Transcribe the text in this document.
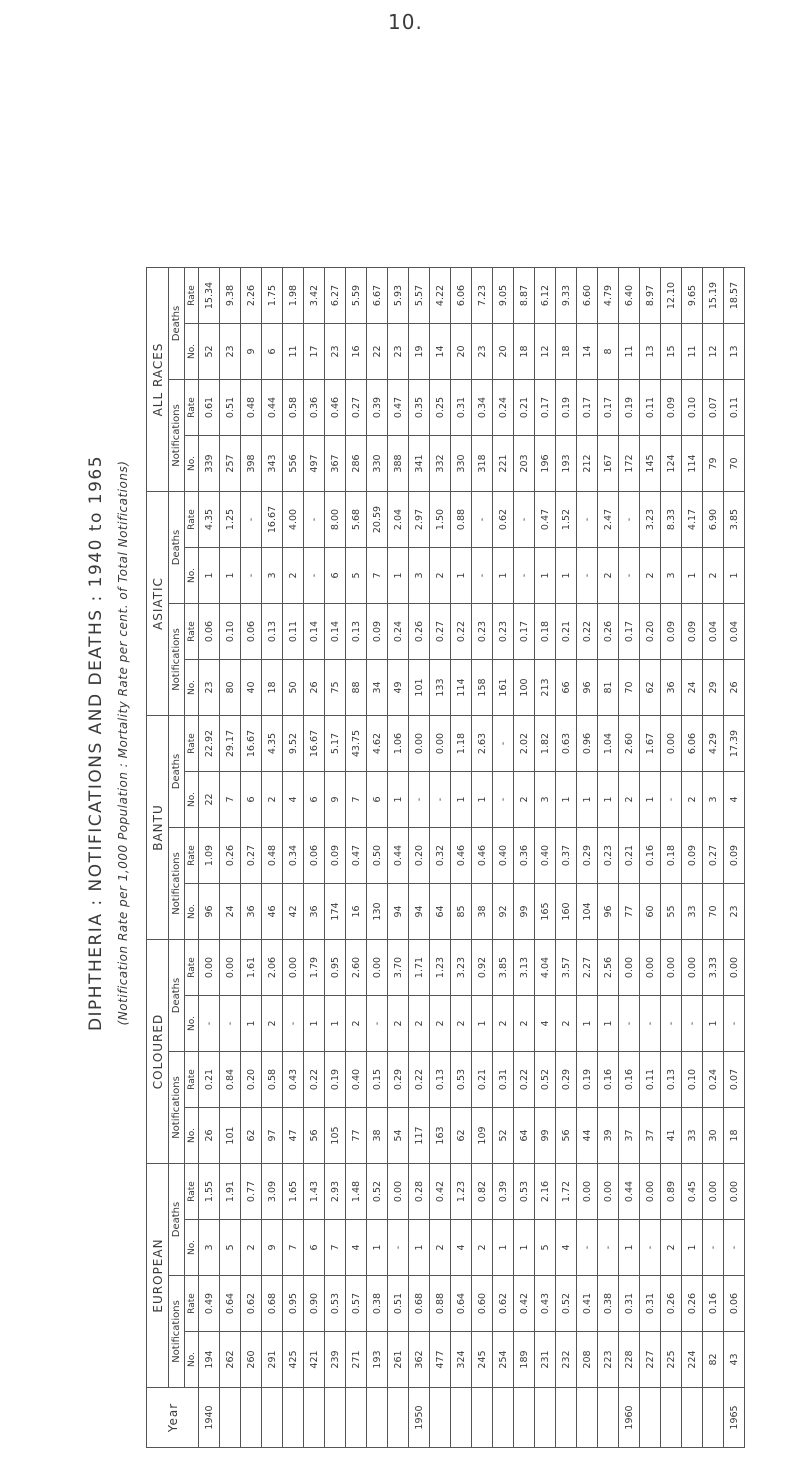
10.
DIPHTHERIA : NOTIFICATIONS AND DEATHS : 1940 to 1965 (Notification Rate per 1,000 Population : Mortality Rate per cent. of Total Notifications)
Year	EUROPEAN				COLOURED				BANTU				ASIATIC				ALL RACES			
	Notifications		Deaths		Notifications		Deaths		Notifications		Deaths		Notifications		Deaths		Notifications		Deaths	
	No.	Rate	No.	Rate	No.	Rate	No.	Rate	No.	Rate	No.	Rate	No.	Rate	No.	Rate	No.	Rate	No.	Rate
1940	194	0.49	3	1.55	26	0.21	-	0.00	96	1.09	22	22.92	23	0.06	1	4.35	339	0.61	52	15.34
	262	0.64	5	1.91	101	0.84	-	0.00	24	0.26	7	29.17	80	0.10	1	1.25	257	0.51	23	9.38
	260	0.62	2	0.77	62	0.20	1	1.61	36	0.27	6	16.67	40	0.06	-	-	398	0.48	9	2.26
	291	0.68	9	3.09	97	0.58	2	2.06	46	0.48	2	4.35	18	0.13	3	16.67	343	0.44	6	1.75
	425	0.95	7	1.65	47	0.43	-	0.00	42	0.34	4	9.52	50	0.11	2	4.00	556	0.58	11	1.98
	421	0.90	6	1.43	56	0.22	1	1.79	36	0.06	6	16.67	26	0.14	-	-	497	0.36	17	3.42
	239	0.53	7	2.93	105	0.19	1	0.95	174	0.09	9	5.17	75	0.14	6	8.00	367	0.46	23	6.27
	271	0.57	4	1.48	77	0.40	2	2.60	16	0.47	7	43.75	88	0.13	5	5.68	286	0.27	16	5.59
	193	0.38	1	0.52	38	0.15	-	0.00	130	0.50	6	4.62	34	0.09	7	20.59	330	0.39	22	6.67
	261	0.51	-	0.00	54	0.29	2	3.70	94	0.44	1	1.06	49	0.24	1	2.04	388	0.47	23	5.93
1950	362	0.68	1	0.28	117	0.22	2	1.71	94	0.20	-	0.00	101	0.26	3	2.97	341	0.35	19	5.57
	477	0.88	2	0.42	163	0.13	2	1.23	64	0.32	-	0.00	133	0.27	2	1.50	332	0.25	14	4.22
	324	0.64	4	1.23	62	0.53	2	3.23	85	0.46	1	1.18	114	0.22	1	0.88	330	0.31	20	6.06
	245	0.60	2	0.82	109	0.21	1	0.92	38	0.46	1	2.63	158	0.23	-	-	318	0.34	23	7.23
	254	0.62	1	0.39	52	0.31	2	3.85	92	0.40	-	-	161	0.23	1	0.62	221	0.24	20	9.05
	189	0.42	1	0.53	64	0.22	2	3.13	99	0.36	2	2.02	100	0.17	-	-	203	0.21	18	8.87
	231	0.43	5	2.16	99	0.52	4	4.04	165	0.40	3	1.82	213	0.18	1	0.47	196	0.17	12	6.12
	232	0.52	4	1.72	56	0.29	2	3.57	160	0.37	1	0.63	66	0.21	1	1.52	193	0.19	18	9.33
	208	0.41	-	0.00	44	0.19	1	2.27	104	0.29	1	0.96	96	0.22	-	-	212	0.17	14	6.60
	223	0.38	-	0.00	39	0.16	1	2.56	96	0.23	1	1.04	81	0.26	2	2.47	167	0.17	8	4.79
1960	228	0.31	1	0.44	37	0.16	-	0.00	77	0.21	2	2.60	70	0.17	-	-	172	0.19	11	6.40
	227	0.31	-	0.00	37	0.11	-	0.00	60	0.16	1	1.67	62	0.20	2	3.23	145	0.11	13	8.97
	225	0.26	2	0.89	41	0.13	-	0.00	55	0.18	-	0.00	36	0.09	3	8.33	124	0.09	15	12.10
	224	0.26	1	0.45	33	0.10	-	0.00	33	0.09	2	6.06	24	0.09	1	4.17	114	0.10	11	9.65
	82	0.16	-	0.00	30	0.24	1	3.33	70	0.27	3	4.29	29	0.04	2	6.90	79	0.07	12	15.19
1965	43	0.06	-	0.00	18	0.07	-	0.00	23	0.09	4	17.39	26	0.04	1	3.85	70	0.11	13	18.57
